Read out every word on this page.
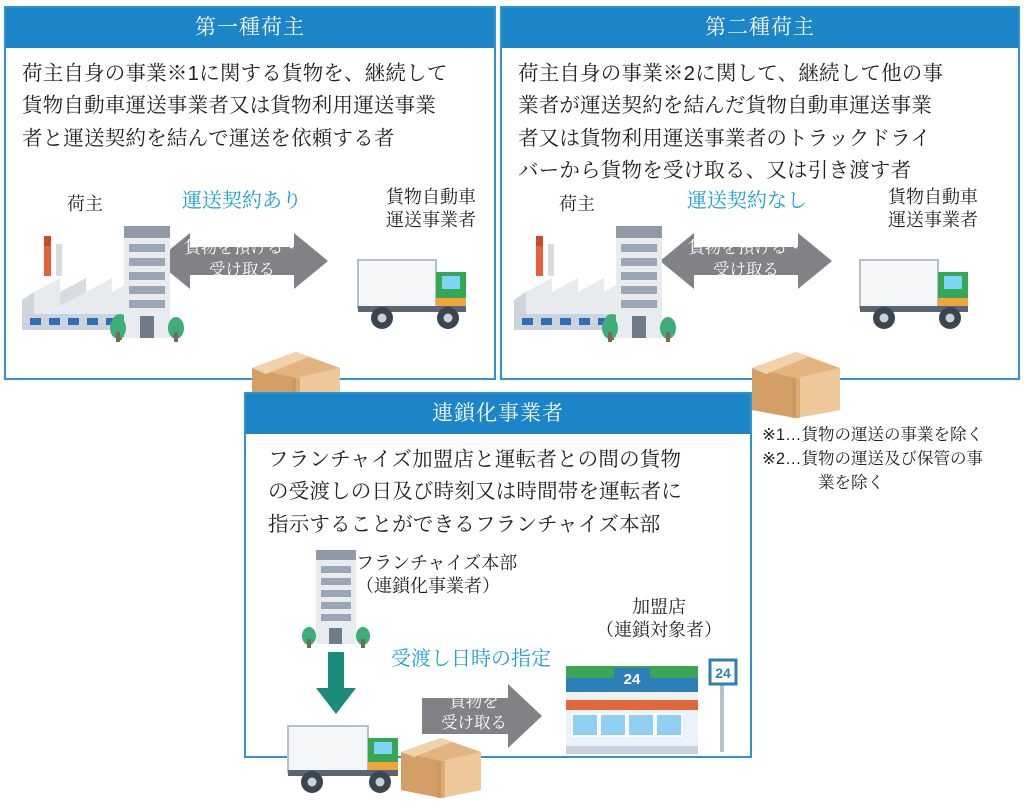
第一種荷主
荷主自身の事業※1に関する貨物を、継続して
貨物自動車運送事業者又は貨物利用運送事業
者と運送契約を結んで運送を依頼する者
荷主	貨物自動車
運送事業者
運送契約あり
貨物を預ける・
受け取る
第二種荷主
荷主自身の事業※2に関して、継続して他の事
業者が運送契約を結んだ貨物自動車運送事業
者又は貨物利用運送事業者のトラックドライ
バーから貨物を受け取る、又は引き渡す者
荷主	貨物自動車
運送事業者
運送契約なし
貨物を預ける・
受け取る
連鎖化事業者
フランチャイズ加盟店と運転者との間の貨物
の受渡しの日及び時刻又は時間帯を運転者に
指示することができるフランチャイズ本部
フランチャイズ本部
（連鎖化事業者）
加盟店
（連鎖対象者）
受渡し日時の指定
貨物を
受け取る
24	24
※1… 貨物の運送の事業を除く
※2… 貨物の運送及び保管の事
業を除く
